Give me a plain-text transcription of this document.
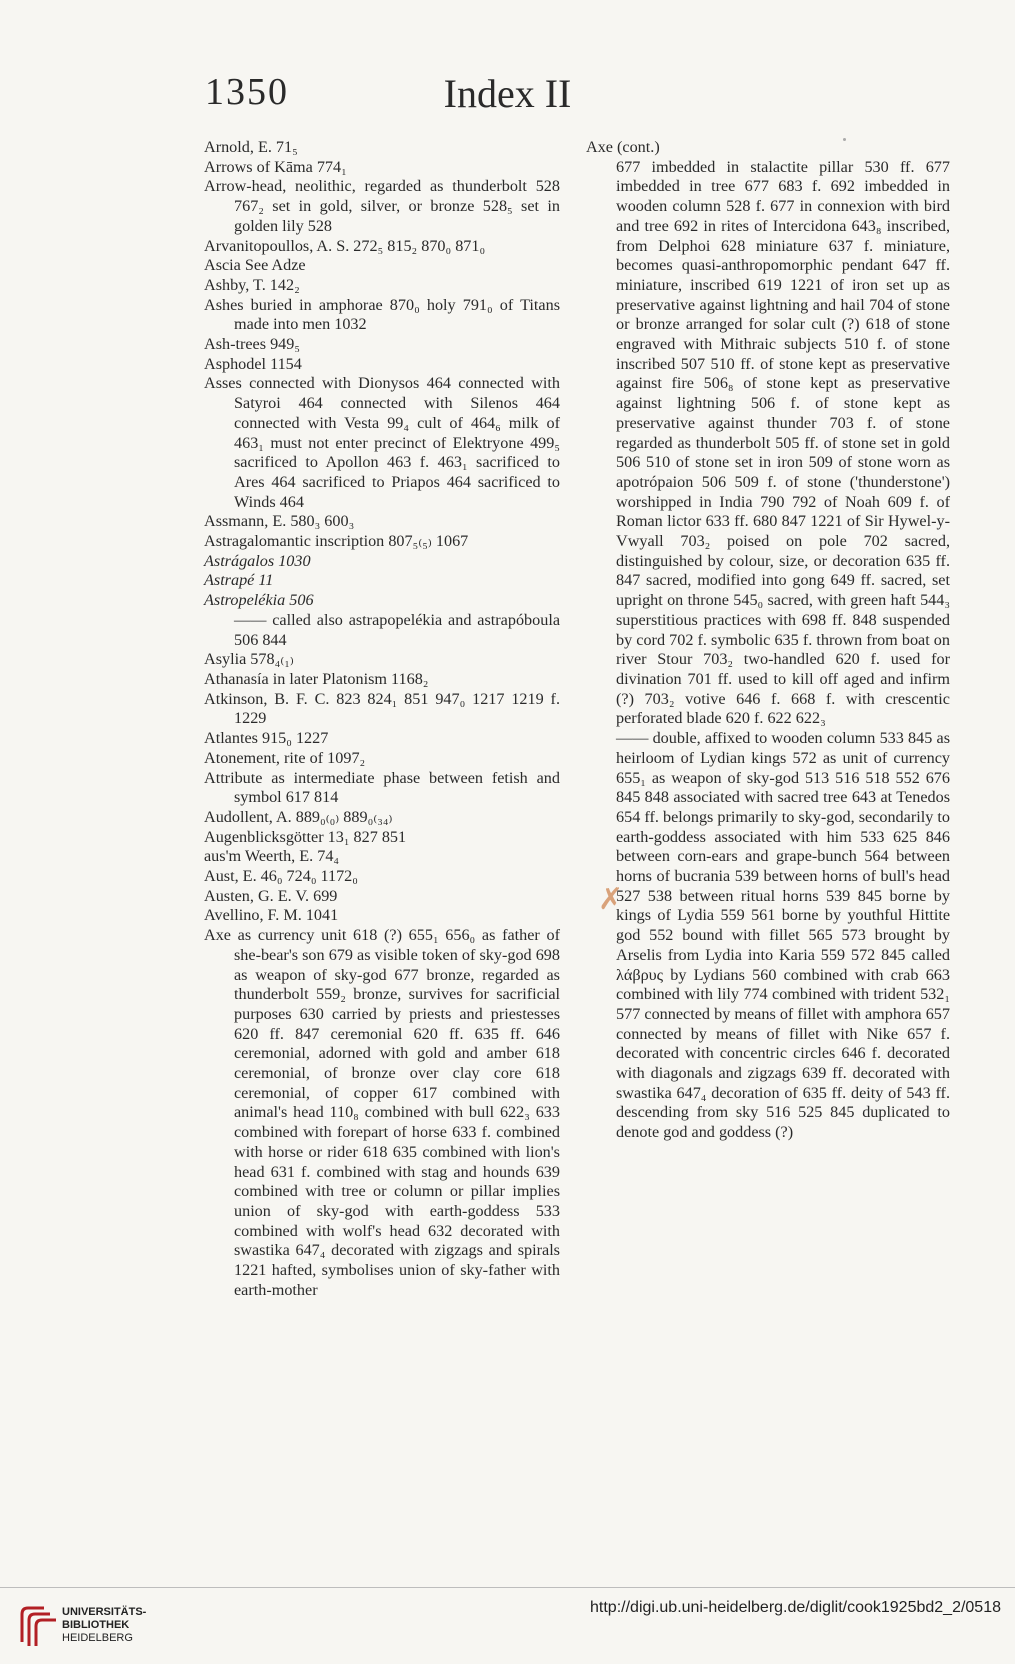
1350	Index II

Arnold, E. 71₅

Arrows of Kāma 774₁

Arrow-head, neolithic, regarded as thunderbolt 528 767₂ set in gold, silver, or bronze 528₅ set in golden lily 528

Arvanitopoullos, A. S. 272₅ 815₂ 870₀ 871₀

Ascia See Adze

Ashby, T. 142₂

Ashes buried in amphorae 870₀ holy 791₀ of Titans made into men 1032

Ash-trees 949₅

Asphodel 1154

Asses connected with Dionysos 464 connected with Satyroi 464 connected with Silenos 464 connected with Vesta 99₄ cult of 464₆ milk of 463₁ must not enter precinct of Elektryone 499₅ sacrificed to Apollon 463 f. 463₁ sacrificed to Ares 464 sacrificed to Priapos 464 sacrificed to Winds 464

Assmann, E. 580₃ 600₃

Astragalomantic inscription 807₅₍₅₎ 1067

Astrágalos 1030

Astrapé 11

Astropelékia 506

—— called also astrapopelékia and astrapóboula 506 844

Asylia 578₄₍₁₎

Athanasía in later Platonism 1168₂

Atkinson, B. F. C. 823 824₁ 851 947₀ 1217 1219 f. 1229

Atlantes 915₀ 1227

Atonement, rite of 1097₂

Attribute as intermediate phase between fetish and symbol 617 814

Audollent, A. 889₀₍₀₎ 889₀₍₃₄₎

Augenblicksgötter 13₁ 827 851

aus'm Weerth, E. 74₄

Aust, E. 46₀ 724₀ 1172₀

Austen, G. E. V. 699

Avellino, F. M. 1041

Axe as currency unit 618 (?) 655₁ 656₀ as father of she-bear's son 679 as visible token of sky-god 698 as weapon of sky-god 677 bronze, regarded as thunderbolt 559₂ bronze, survives for sacrificial purposes 630 carried by priests and priestesses 620 ff. 847 ceremonial 620 ff. 635 ff. 646 ceremonial, adorned with gold and amber 618 ceremonial, of bronze over clay core 618 ceremonial, of copper 617 combined with animal's head 110₈ combined with bull 622₃ 633 combined with forepart of horse 633 f. combined with horse or rider 618 635 combined with lion's head 631 f. combined with stag and hounds 639 combined with tree or column or pillar implies union of sky-god with earth-goddess 533 combined with wolf's head 632 decorated with swastika 647₄ decorated with zigzags and spirals 1221 hafted, symbolises union of sky-father with earth-mother

Axe (cont.)

677 imbedded in stalactite pillar 530 ff. 677 imbedded in tree 677 683 f. 692 imbedded in wooden column 528 f. 677 in connexion with bird and tree 692 in rites of Intercidona 643₈ inscribed, from Delphoi 628 miniature 637 f. miniature, becomes quasi-anthropomorphic pendant 647 ff. miniature, inscribed 619 1221 of iron set up as preservative against lightning and hail 704 of stone or bronze arranged for solar cult (?) 618 of stone engraved with Mithraic subjects 510 f. of stone inscribed 507 510 ff. of stone kept as preservative against fire 506₈ of stone kept as preservative against lightning 506 f. of stone kept as preservative against thunder 703 f. of stone regarded as thunderbolt 505 ff. of stone set in gold 506 510 of stone set in iron 509 of stone worn as apotrópaion 506 509 f. of stone ('thunderstone') worshipped in India 790 792 of Noah 609 f. of Roman lictor 633 ff. 680 847 1221 of Sir Hywel-y-Vwyall 703₂ poised on pole 702 sacred, distinguished by colour, size, or decoration 635 ff. 847 sacred, modified into gong 649 ff. sacred, set upright on throne 545₀ sacred, with green haft 544₃ superstitious practices with 698 ff. 848 suspended by cord 702 f. symbolic 635 f. thrown from boat on river Stour 703₂ two-handled 620 f. used for divination 701 ff. used to kill off aged and infirm (?) 703₂ votive 646 f. 668 f. with crescentic perforated blade 620 f. 622 622₃

—— double, affixed to wooden column 533 845 as heirloom of Lydian kings 572 as unit of currency 655₁ as weapon of sky-god 513 516 518 552 676 845 848 associated with sacred tree 643 at Tenedos 654 ff. belongs primarily to sky-god, secondarily to earth-goddess associated with him 533 625 846 between corn-ears and grape-bunch 564 between horns of bucrania 539 between horns of bull's head 527 538 between ritual horns 539 845 borne by kings of Lydia 559 561 borne by youthful Hittite god 552 bound with fillet 565 573 brought by Arselis from Lydia into Karia 559 572 845 called λάβρυς by Lydians 560 combined with crab 663 combined with lily 774 combined with trident 532₁ 577 connected by means of fillet with amphora 657 connected by means of fillet with Nike 657 f. decorated with concentric circles 646 f. decorated with diagonals and zigzags 639 ff. decorated with swastika 647₄ decoration of 635 ff. deity of 543 ff. descending from sky 516 525 845 duplicated to denote god and goddess (?)

✗
UNIVERSITÄTS-
BIBLIOTHEK
HEIDELBERG
http://digi.ub.uni-heidelberg.de/diglit/cook1925bd2_2/0518
